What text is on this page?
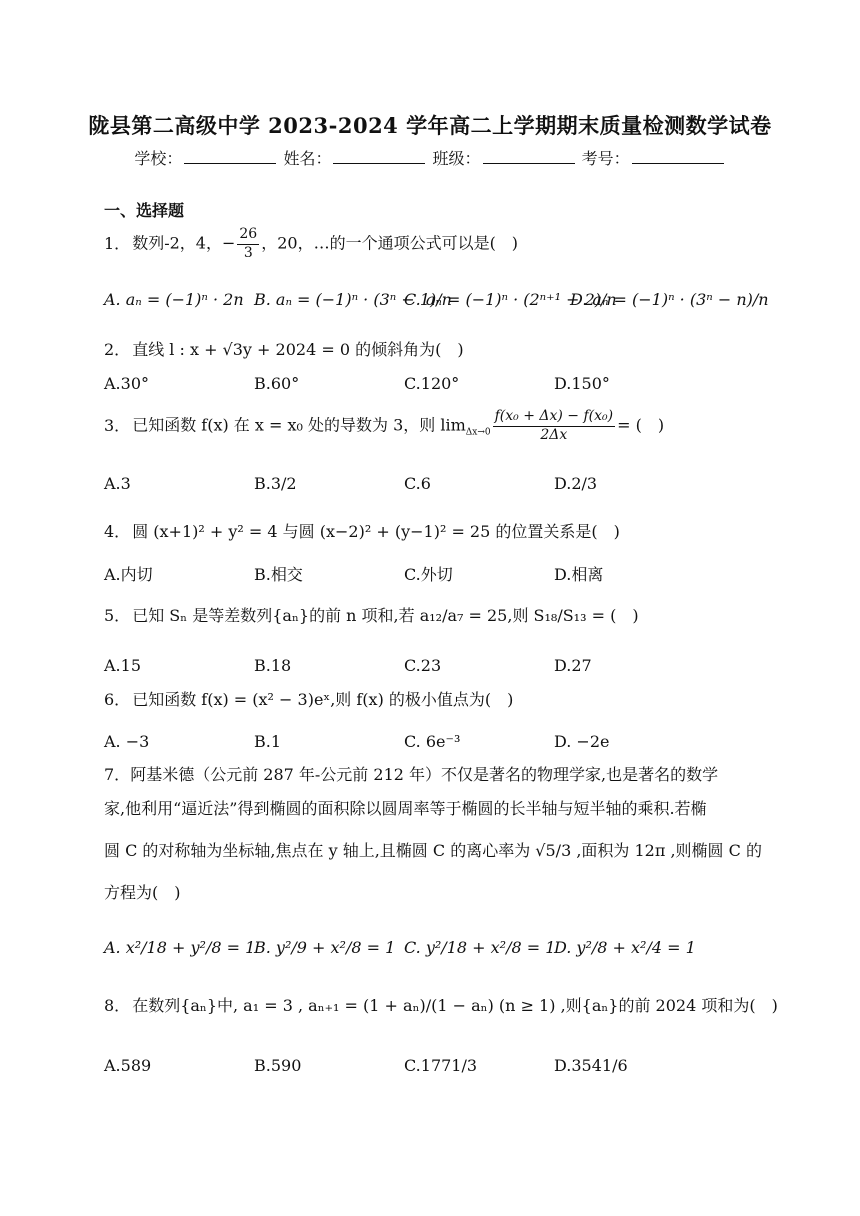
陇县第二高级中学 2023-2024 学年高二上学期期末质量检测数学试卷
学校：	姓名：	班级：	考号：
一、选择题
1． 数列-2，4，− $\frac{26}{3}$ ，20，…的一个通项公式可以是(　)
A. aₙ = (−1)ⁿ · 2n B. aₙ = (−1)ⁿ · (3ⁿ − 1)/n
C. aₙ = (−1)ⁿ · (2ⁿ⁺¹ − 2)/n
D. aₙ = (−1)ⁿ · (3ⁿ − n)/n
2． 直线 l : x + √3y + 2024 = 0 的倾斜角为(　)
A.30°	B.60°	C.120°	D.150°
3． 已知函数 f(x) 在 x = x₀ 处的导数为 3，则 $\lim_{\Delta x\to 0} \frac{\text{f(x₀ + Δx) − f(x₀)}}{2\Delta x}$ = (　)
A.3	B.3/2	C.6	D.2/3
4． 圆 (x+1)² + y² = 4 与圆 (x−2)² + (y−1)² = 25 的位置关系是(　)
A.内切	B.相交	C.外切	D.相离
5． 已知 Sₙ 是等差数列{aₙ}的前 n 项和,若 a₁₂/a₇ = 25,则 S₁₈/S₁₃ = (　)
A.15	B.18	C.23	D.27
6． 已知函数 f(x) = (x² − 3)eˣ,则 f(x) 的极小值点为(　)
A. −3	B.1	C. 6e⁻³	D. −2e
7．阿基米德（公元前 287 年-公元前 212 年）不仅是著名的物理学家,也是著名的数学
家,他利用“逼近法”得到椭圆的面积除以圆周率等于椭圆的长半轴与短半轴的乘积.若椭
圆 C 的对称轴为坐标轴,焦点在 y 轴上,且椭圆 C 的离心率为 √5/3 ,面积为 12π ,则椭圆 C 的
方程为(　)
A. x²/18 + y²/8 = 1
B. y²/9 + x²/8 = 1 C. y²/18 + x²/8 = 1
D. y²/8 + x²/4 = 1
8． 在数列{aₙ}中, a₁ = 3 , aₙ₊₁ = (1 + aₙ)/(1 − aₙ) (n ≥ 1) ,则{aₙ}的前 2024 项和为(　)
A.589	B.590	C.1771/3	D.3541/6
